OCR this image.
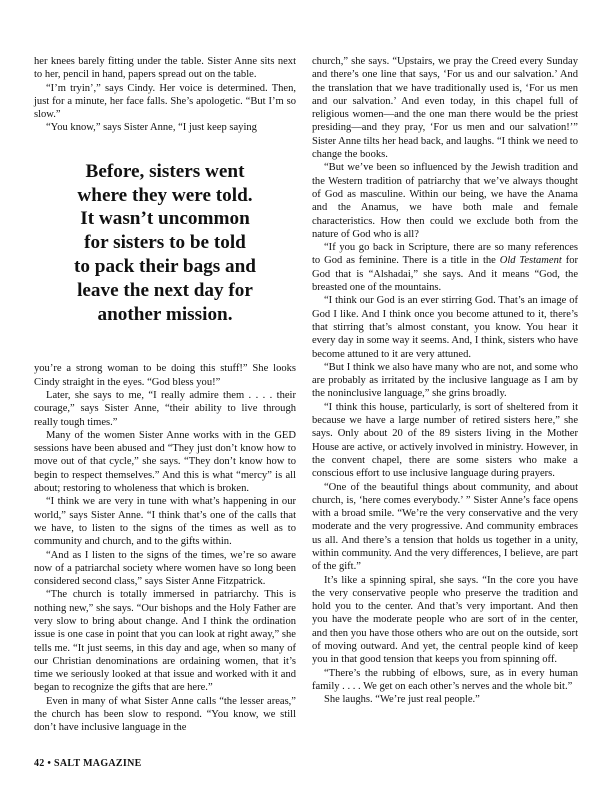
her knees barely fitting under the table. Sister Anne sits next to her, pencil in hand, papers spread out on the table.

“I’m tryin’,” says Cindy. Her voice is determined. Then, just for a minute, her face falls. She’s apologetic. “But I’m so slow.”

“You know,” says Sister Anne, “I just keep saying

Before, sisters went
where they were told.
It wasn’t uncommon
for sisters to be told
to pack their bags and
leave the next day for
another mission.

you’re a strong woman to be doing this stuff!” She looks Cindy straight in the eyes. “God bless you!”

Later, she says to me, “I really admire them . . . . their courage,” says Sister Anne, “their ability to live through really tough times.”

Many of the women Sister Anne works with in the GED sessions have been abused and “They just don’t know how to move out of that cycle,” she says. “They don’t know how to begin to respect themselves.” And this is what “mercy” is all about; restoring to wholeness that which is broken.

“I think we are very in tune with what’s happening in our world,” says Sister Anne. “I think that’s one of the calls that we have, to listen to the signs of the times as well as to community and church, and to the gifts within.

“And as I listen to the signs of the times, we’re so aware now of a patriarchal society where women have so long been considered second class,” says Sister Anne Fitzpatrick.

“The church is totally immersed in patriarchy. This is nothing new,” she says. “Our bishops and the Holy Father are very slow to bring about change. And I think the ordination issue is one case in point that you can look at right away,” she tells me. “It just seems, in this day and age, when so many of our Christian denominations are ordaining women, that it’s time we seriously looked at that issue and worked with it and began to recognize the gifts that are here.”

Even in many of what Sister Anne calls “the lesser areas,” the church has been slow to respond. “You know, we still don’t have inclusive language in the

church,” she says. “Upstairs, we pray the Creed every Sunday and there’s one line that says, ‘For us and our salvation.’ And the translation that we have traditionally used is, ‘For us men and our salvation.’ And even today, in this chapel full of religious women—and the one man there would be the priest presiding—and they pray, ‘For us men and our salvation!’” Sister Anne tilts her head back, and laughs. “I think we need to change the books.

“But we’ve been so influenced by the Jewish tradition and the Western tradition of patriarchy that we’ve always thought of God as masculine. Within our being, we have the Anama and the Anamus, we have both male and female characteristics. How then could we exclude both from the nature of God who is all?

“If you go back in Scripture, there are so many references to God as feminine. There is a title in the Old Testament for God that is “Alshadai,” she says. And it means “God, the breasted one of the mountains.

“I think our God is an ever stirring God. That’s an image of God I like. And I think once you become attuned to it, there’s that stirring that’s almost constant, you know. You hear it every day in some way it seems. And, I think, sisters who have become attuned to it are very attuned.

“But I think we also have many who are not, and some who are probably as irritated by the inclusive language as I am by the noninclusive language,” she grins broadly.

“I think this house, particularly, is sort of sheltered from it because we have a large number of retired sisters here,” she says. Only about 20 of the 89 sisters living in the Mother House are active, or actively involved in ministry. However, in the convent chapel, there are some sisters who make a conscious effort to use inclusive language during prayers.

“One of the beautiful things about community, and about church, is, ‘here comes everybody.’ ” Sister Anne’s face opens with a broad smile. “We’re the very conservative and the very moderate and the very progressive. And community embraces us all. And there’s a tension that holds us together in a unity, within community. And the very differences, I believe, are part of the gift.”

It’s like a spinning spiral, she says. “In the core you have the very conservative people who preserve the tradition and hold you to the center. And that’s very important. And then you have the moderate people who are sort of in the center, and then you have those others who are out on the outside, sort of moving outward. And yet, the central people kind of keep you in that good tension that keeps you from spinning off.

“There’s the rubbing of elbows, sure, as in every human family . . . . We get on each other’s nerves and the whole bit.”

She laughs. “We’re just real people.”

42 • SALT MAGAZINE
